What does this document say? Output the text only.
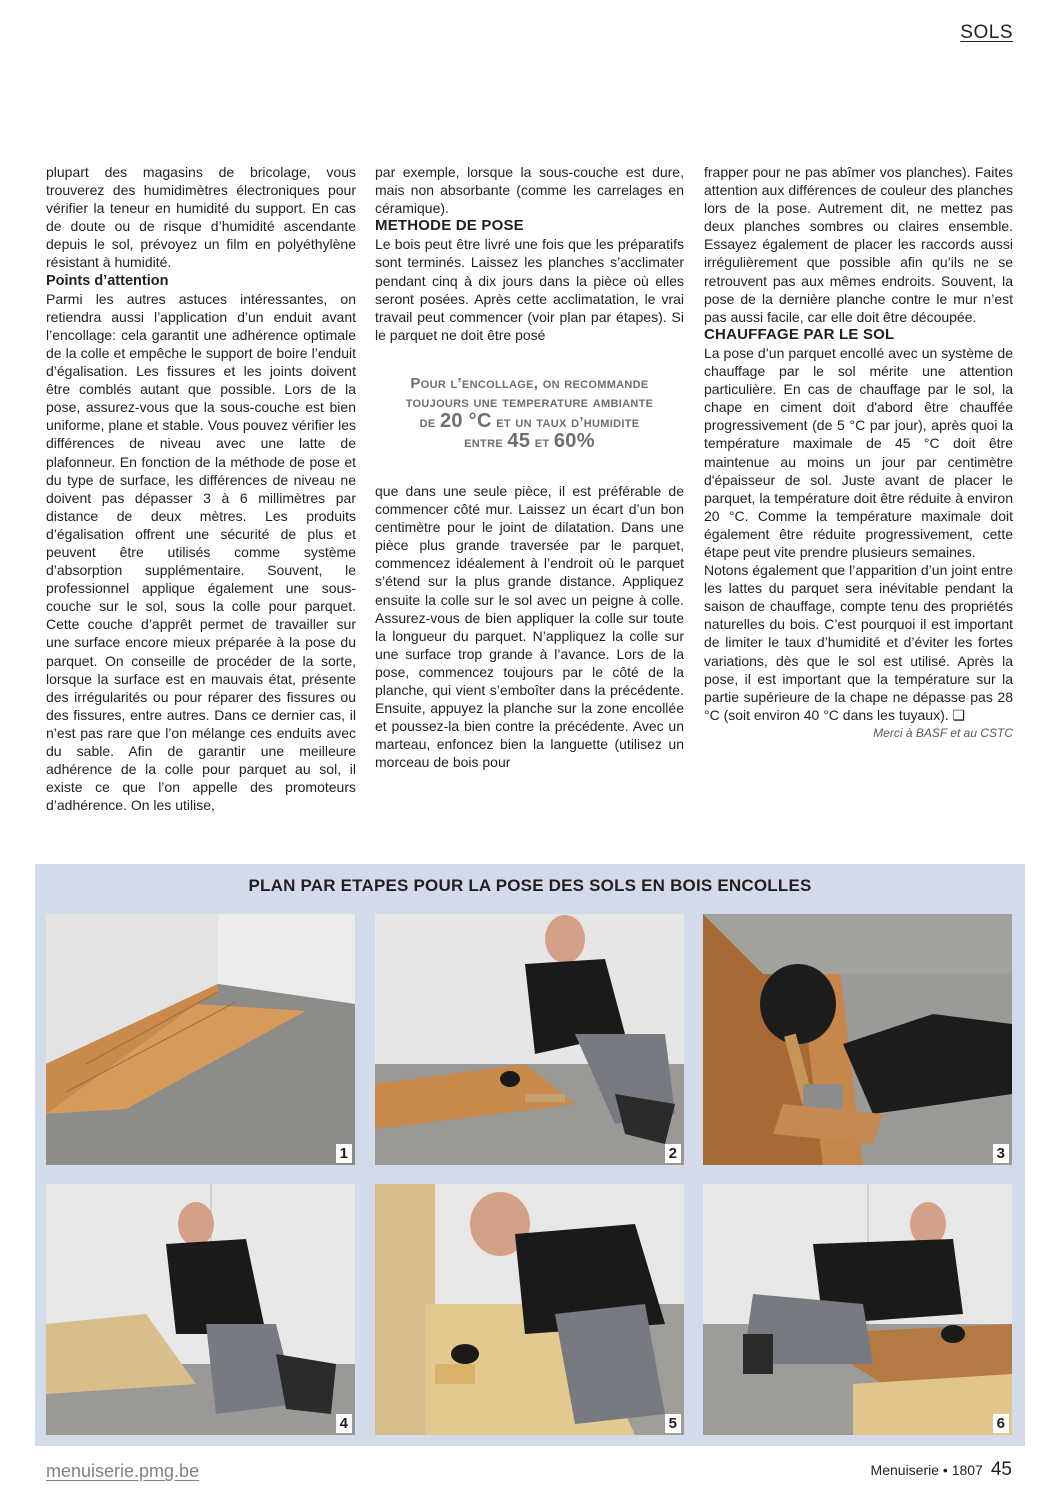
SOLS

plupart des magasins de bricolage, vous trouverez des humidimètres électroniques pour vérifier la teneur en humidité du support. En cas de doute ou de risque d’humidité ascendante depuis le sol, prévoyez un film en polyéthylène résistant à humidité.

Points d’attention

Parmi les autres astuces intéressantes, on retiendra aussi l’application d’un enduit avant l’encollage: cela garantit une adhérence optimale de la colle et empêche le support de boire l’enduit d’égalisation. Les fissures et les joints doivent être comblés autant que possible. Lors de la pose, assurez-vous que la sous-couche est bien uniforme, plane et stable. Vous pouvez vérifier les différences de niveau avec une latte de plafonneur. En fonction de la méthode de pose et du type de surface, les différences de niveau ne doivent pas dépasser 3 à 6 millimètres par distance de deux mètres. Les produits d’égalisation offrent une sécurité de plus et peuvent être utilisés comme système d’absorption supplémentaire. Souvent, le professionnel applique également une sous-couche sur le sol, sous la colle pour parquet. Cette couche d’apprêt permet de travailler sur une surface encore mieux préparée à la pose du parquet. On conseille de procéder de la sorte, lorsque la surface est en mauvais état, présente des irrégularités ou pour réparer des fissures ou des fissures, entre autres. Dans ce dernier cas, il n’est pas rare que l’on mélange ces enduits avec du sable. Afin de garantir une meilleure adhérence de la colle pour parquet au sol, il existe ce que l’on appelle des promoteurs d’adhérence. On les utilise,

par exemple, lorsque la sous-couche est dure, mais non absorbante (comme les carrelages en céramique).

METHODE DE POSE

Le bois peut être livré une fois que les préparatifs sont terminés. Laissez les planches s’acclimater pendant cinq à dix jours dans la pièce où elles seront posées. Après cette acclimatation, le vrai travail peut commencer (voir plan par étapes). Si le parquet ne doit être posé

Pour l’encollage, on recommande
toujours une temperature ambiante
de 20 °C et un taux d’humidite
entre 45 et 60%

que dans une seule pièce, il est préférable de commencer côté mur. Laissez un écart d’un bon centimètre pour le joint de dilatation. Dans une pièce plus grande traversée par le parquet, commencez idéalement à l’endroit où le parquet s’étend sur la plus grande distance. Appliquez ensuite la colle sur le sol avec un peigne à colle. Assurez-vous de bien appliquer la colle sur toute la longueur du parquet. N’appliquez la colle sur une surface trop grande à l’avance. Lors de la pose, commencez toujours par le côté de la planche, qui vient s’emboîter dans la précédente. Ensuite, appuyez la planche sur la zone encollée et poussez-la bien contre la précédente. Avec un marteau, enfoncez bien la languette (utilisez un morceau de bois pour

frapper pour ne pas abîmer vos planches). Faites attention aux différences de couleur des planches lors de la pose. Autrement dit, ne mettez pas deux planches sombres ou claires ensemble. Essayez également de placer les raccords aussi irrégulièrement que possible afin qu’ils ne se retrouvent pas aux mêmes endroits. Souvent, la pose de la dernière planche contre le mur n’est pas aussi facile, car elle doit être découpée.

CHAUFFAGE PAR LE SOL

La pose d’un parquet encollé avec un système de chauffage par le sol mérite une attention particulière. En cas de chauffage par le sol, la chape en ciment doit d'abord être chauffée progressivement (de 5 °C par jour), après quoi la température maximale de 45 °C doit être maintenue au moins un jour par centimètre d'épaisseur de sol. Juste avant de placer le parquet, la température doit être réduite à environ 20 °C. Comme la température maximale doit également être réduite progressivement, cette étape peut vite prendre plusieurs semaines.

Notons également que l’apparition d’un joint entre les lattes du parquet sera inévitable pendant la saison de chauffage, compte tenu des propriétés naturelles du bois. C’est pourquoi il est important de limiter le taux d’humidité et d’éviter les fortes variations, dès que le sol est utilisé. Après la pose, il est important que la température sur la partie supérieure de la chape ne dépasse pas 28 °C (soit environ 40 °C dans les tuyaux). ❑

Merci à BASF et au CSTC

PLAN PAR ETAPES POUR LA POSE DES SOLS EN BOIS ENCOLLES
1	2	3
4	5	6
menuiserie.pmg.be	Menuiserie • 1807 45
